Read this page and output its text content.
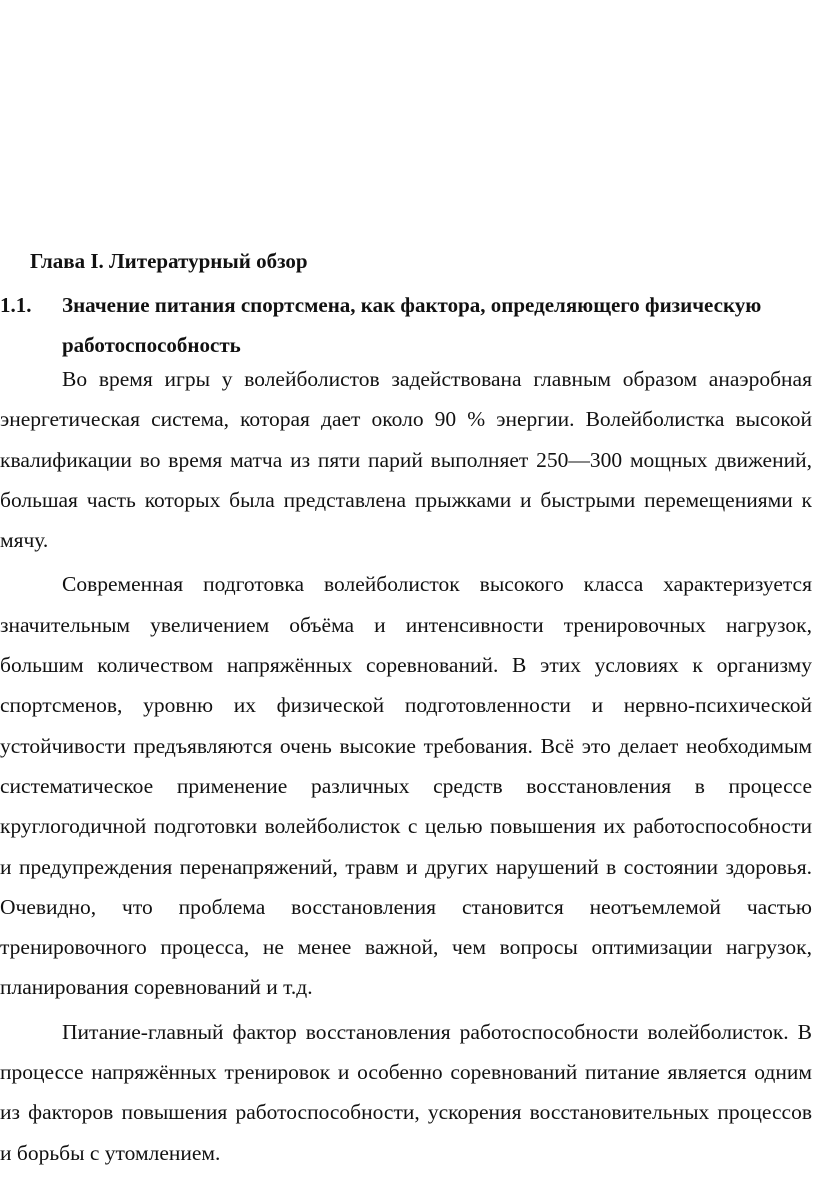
Глава I. Литературный обзор
1.1. Значение питания спортсмена, как фактора, определяющего физическую работоспособность

Во время игры у волейболистов задействована главным образом анаэробная энергетическая система, которая дает около 90 % энергии. Волейболистка высокой квалификации во время матча из пяти парий выполняет 250—300 мощных движений, большая часть которых была представлена прыжками и быстрыми перемещениями к мячу.

Современная подготовка волейболисток высокого класса характеризуется значительным увеличением объёма и интенсивности тренировочных нагрузок, большим количеством напряжённых соревнований. В этих условиях к организму спортсменов, уровню их физической подготовленности и нервно-психической устойчивости предъявляются очень высокие требования. Всё это делает необходимым систематическое применение различных средств восстановления в процессе круглогодичной подготовки волейболисток с целью повышения их работоспособности и предупреждения перенапряжений, травм и других нарушений в состоянии здоровья. Очевидно, что проблема восстановления становится неотъемлемой частью тренировочного процесса, не менее важной, чем вопросы оптимизации нагрузок, планирования соревнований и т.д.

Питание-главный фактор восстановления работоспособности волейболисток. В процессе напряжённых тренировок и особенно соревнований питание является одним из факторов повышения работоспособности, ускорения восстановительных процессов и борьбы с утомлением.
